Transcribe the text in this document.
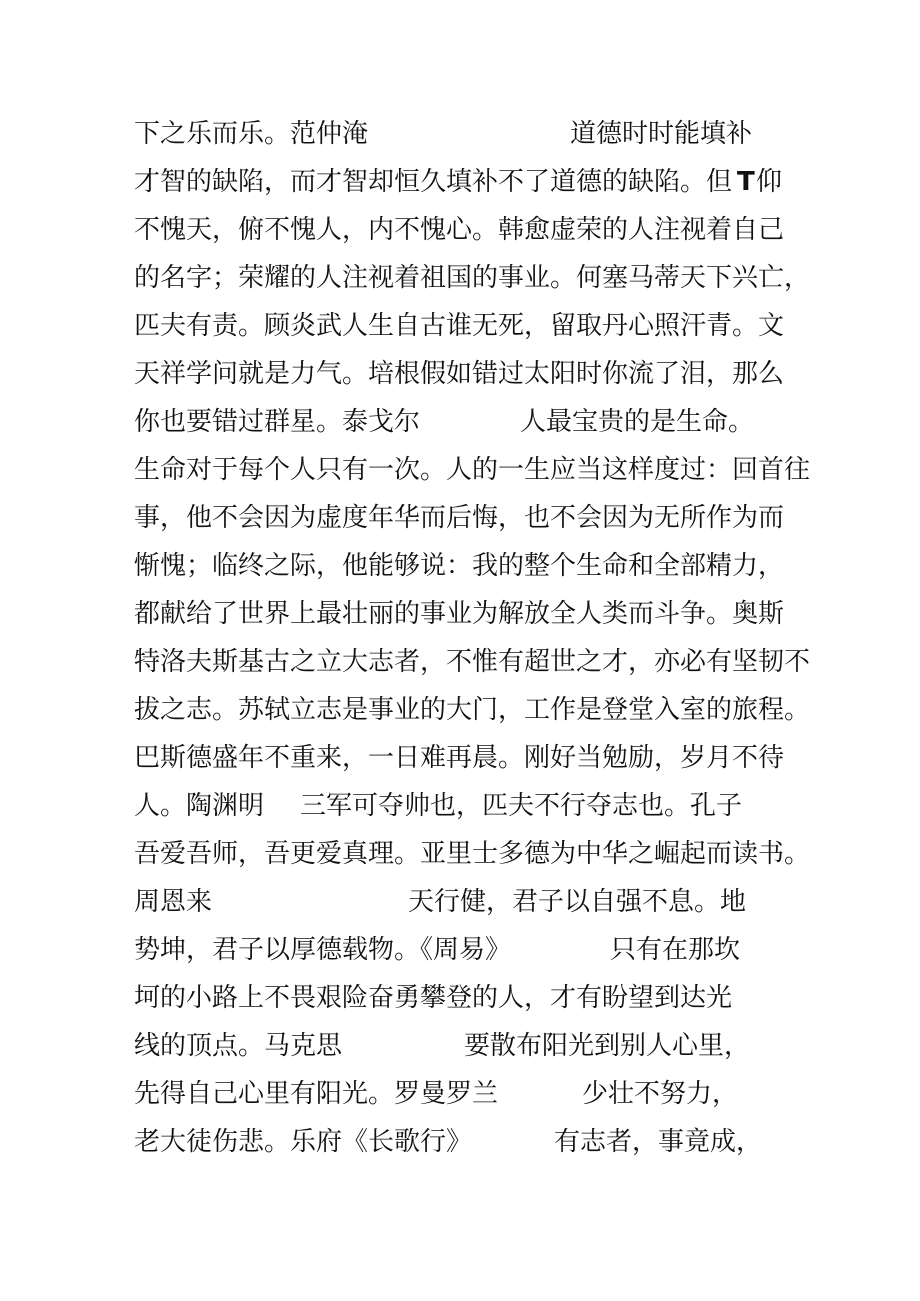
下之乐而乐。范仲淹	道德时时能填补
才智的缺陷，而才智却恒久填补不了道德的缺陷。但 T 仰
不愧天，俯不愧人，内不愧心。韩愈虚荣的人注视着自己
的名字；荣耀的人注视着祖国的事业。何塞马蒂天下兴亡，
匹夫有责。顾炎武人生自古谁无死，留取丹心照汗青。文
天祥学问就是力气。培根假如错过太阳时你流了泪，那么
你也要错过群星。泰戈尔	人最宝贵的是生命。
生命对于每个人只有一次。人的一生应当这样度过：回首往
事，他不会因为虚度年华而后悔，也不会因为无所作为而
惭愧；临终之际，他能够说：我的整个生命和全部精力，
都献给了世界上最壮丽的事业为解放全人类而斗争。奥斯
特洛夫斯基古之立大志者，不惟有超世之才，亦必有坚韧不
拔之志。苏轼立志是事业的大门，工作是登堂入室的旅程。
巴斯德盛年不重来，一日难再晨。刚好当勉励，岁月不待
人。陶渊明 三军可夺帅也，匹夫不行夺志也。孔子
吾爱吾师，吾更爱真理。亚里士多德为中华之崛起而读书。
周恩来	天行健，君子以自强不息。地
势坤，君子以厚德载物。《周易》	只有在那坎
坷的小路上不畏艰险奋勇攀登的人，才有盼望到达光
线的顶点。马克思	要散布阳光到别人心里，
先得自己心里有阳光。罗曼罗兰	少壮不努力，
老大徒伤悲。乐府《长歌行》	有志者，事竟成，
